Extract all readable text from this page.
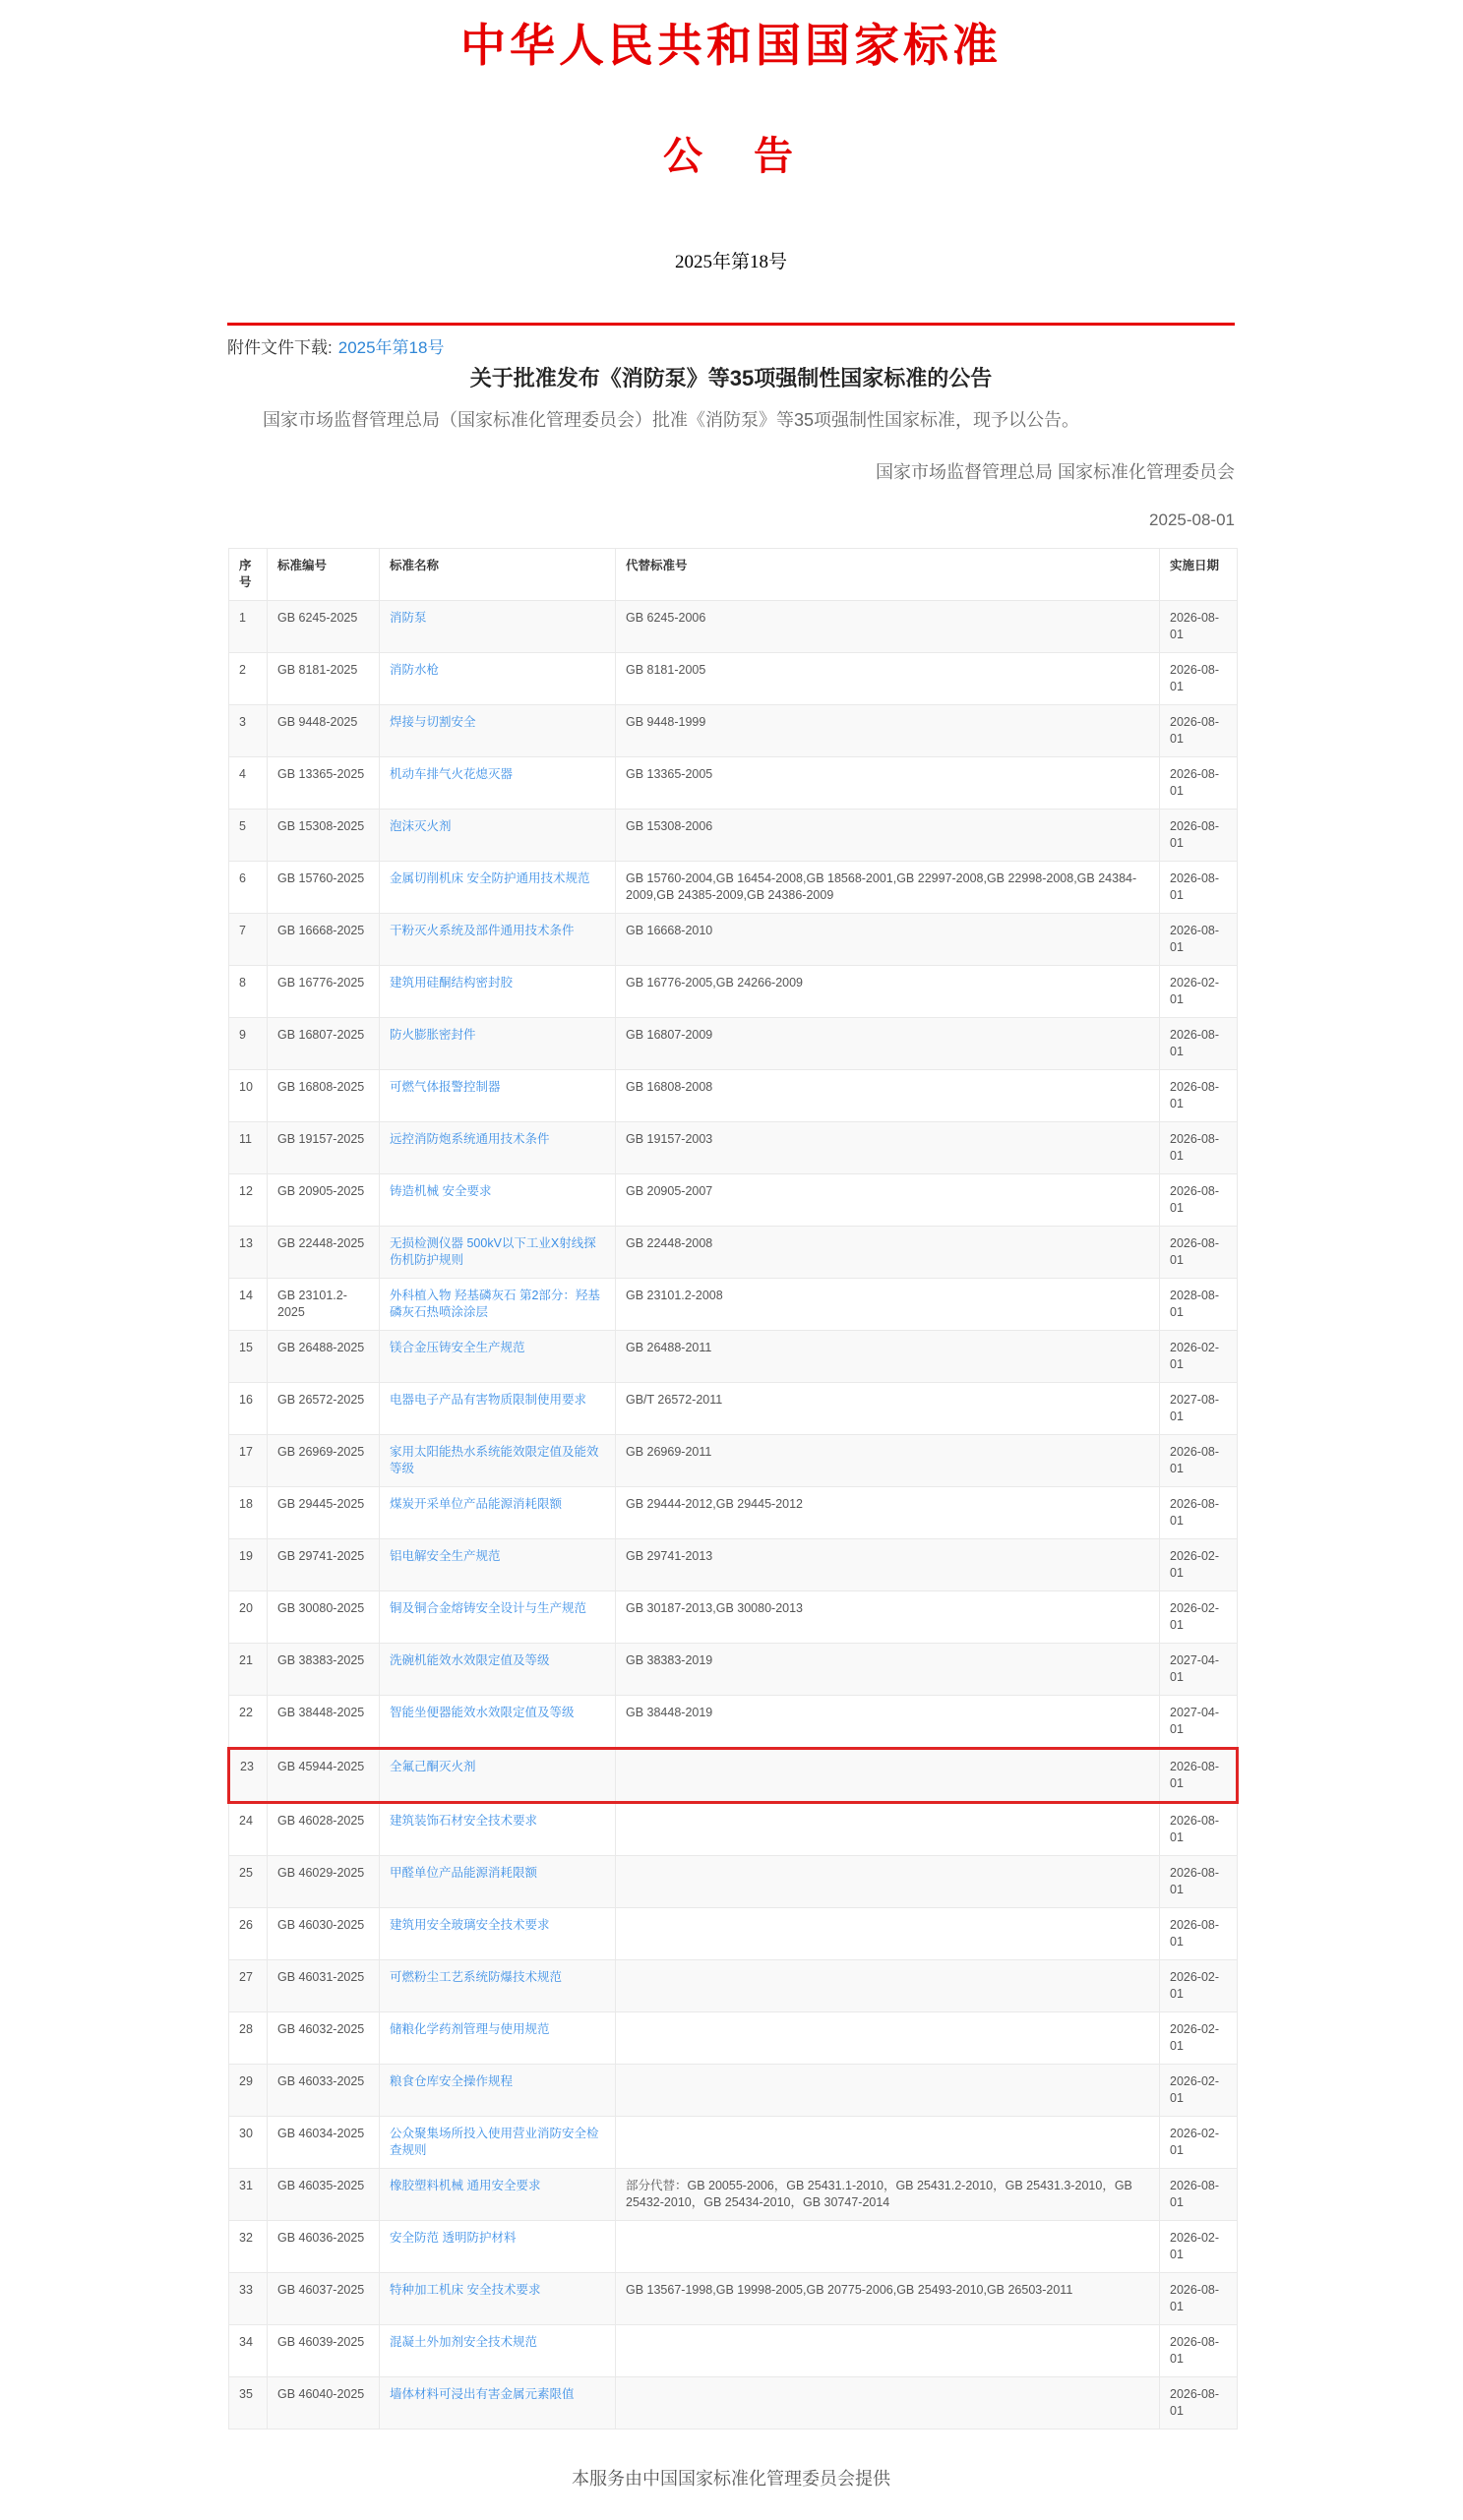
中华人民共和国国家标准
公　告
2025年第18号
附件文件下载: 2025年第18号
关于批准发布《消防泵》等35项强制性国家标准的公告
国家市场监督管理总局（国家标准化管理委员会）批准《消防泵》等35项强制性国家标准，现予以公告。
国家市场监督管理总局 国家标准化管理委员会
2025-08-01
序号	标准编号	标准名称	代替标准号	实施日期
1	GB 6245-2025	消防泵	GB 6245-2006	2026-08-01
2	GB 8181-2025	消防水枪	GB 8181-2005	2026-08-01
3	GB 9448-2025	焊接与切割安全	GB 9448-1999	2026-08-01
4	GB 13365-2025	机动车排气火花熄灭器	GB 13365-2005	2026-08-01
5	GB 15308-2025	泡沫灭火剂	GB 15308-2006	2026-08-01
6	GB 15760-2025	金属切削机床 安全防护通用技术规范	GB 15760-2004,GB 16454-2008,GB 18568-2001,GB 22997-2008,GB 22998-2008,GB 24384-2009,GB 24385-2009,GB 24386-2009	2026-08-01
7	GB 16668-2025	干粉灭火系统及部件通用技术条件	GB 16668-2010	2026-08-01
8	GB 16776-2025	建筑用硅酮结构密封胶	GB 16776-2005,GB 24266-2009	2026-02-01
9	GB 16807-2025	防火膨胀密封件	GB 16807-2009	2026-08-01
10	GB 16808-2025	可燃气体报警控制器	GB 16808-2008	2026-08-01
11	GB 19157-2025	远控消防炮系统通用技术条件	GB 19157-2003	2026-08-01
12	GB 20905-2025	铸造机械 安全要求	GB 20905-2007	2026-08-01
13	GB 22448-2025	无损检测仪器 500kV以下工业X射线探伤机防护规则	GB 22448-2008	2026-08-01
14	GB 23101.2-2025	外科植入物 羟基磷灰石 第2部分：羟基磷灰石热喷涂涂层	GB 23101.2-2008	2028-08-01
15	GB 26488-2025	镁合金压铸安全生产规范	GB 26488-2011	2026-02-01
16	GB 26572-2025	电器电子产品有害物质限制使用要求	GB/T 26572-2011	2027-08-01
17	GB 26969-2025	家用太阳能热水系统能效限定值及能效等级	GB 26969-2011	2026-08-01
18	GB 29445-2025	煤炭开采单位产品能源消耗限额	GB 29444-2012,GB 29445-2012	2026-08-01
19	GB 29741-2025	铝电解安全生产规范	GB 29741-2013	2026-02-01
20	GB 30080-2025	铜及铜合金熔铸安全设计与生产规范	GB 30187-2013,GB 30080-2013	2026-02-01
21	GB 38383-2025	洗碗机能效水效限定值及等级	GB 38383-2019	2027-04-01
22	GB 38448-2025	智能坐便器能效水效限定值及等级	GB 38448-2019	2027-04-01
23	GB 45944-2025	全氟己酮灭火剂		2026-08-01
24	GB 46028-2025	建筑装饰石材安全技术要求		2026-08-01
25	GB 46029-2025	甲醛单位产品能源消耗限额		2026-08-01
26	GB 46030-2025	建筑用安全玻璃安全技术要求		2026-08-01
27	GB 46031-2025	可燃粉尘工艺系统防爆技术规范		2026-02-01
28	GB 46032-2025	储粮化学药剂管理与使用规范		2026-02-01
29	GB 46033-2025	粮食仓库安全操作规程		2026-02-01
30	GB 46034-2025	公众聚集场所投入使用营业消防安全检查规则		2026-02-01
31	GB 46035-2025	橡胶塑料机械 通用安全要求	部分代替：GB 20055-2006，GB 25431.1-2010，GB 25431.2-2010，GB 25431.3-2010，GB 25432-2010，GB 25434-2010，GB 30747-2014	2026-08-01
32	GB 46036-2025	安全防范 透明防护材料		2026-02-01
33	GB 46037-2025	特种加工机床 安全技术要求	GB 13567-1998,GB 19998-2005,GB 20775-2006,GB 25493-2010,GB 26503-2011	2026-08-01
34	GB 46039-2025	混凝土外加剂安全技术规范		2026-08-01
35	GB 46040-2025	墙体材料可浸出有害金属元素限值		2026-08-01
本服务由中国国家标准化管理委员会提供
